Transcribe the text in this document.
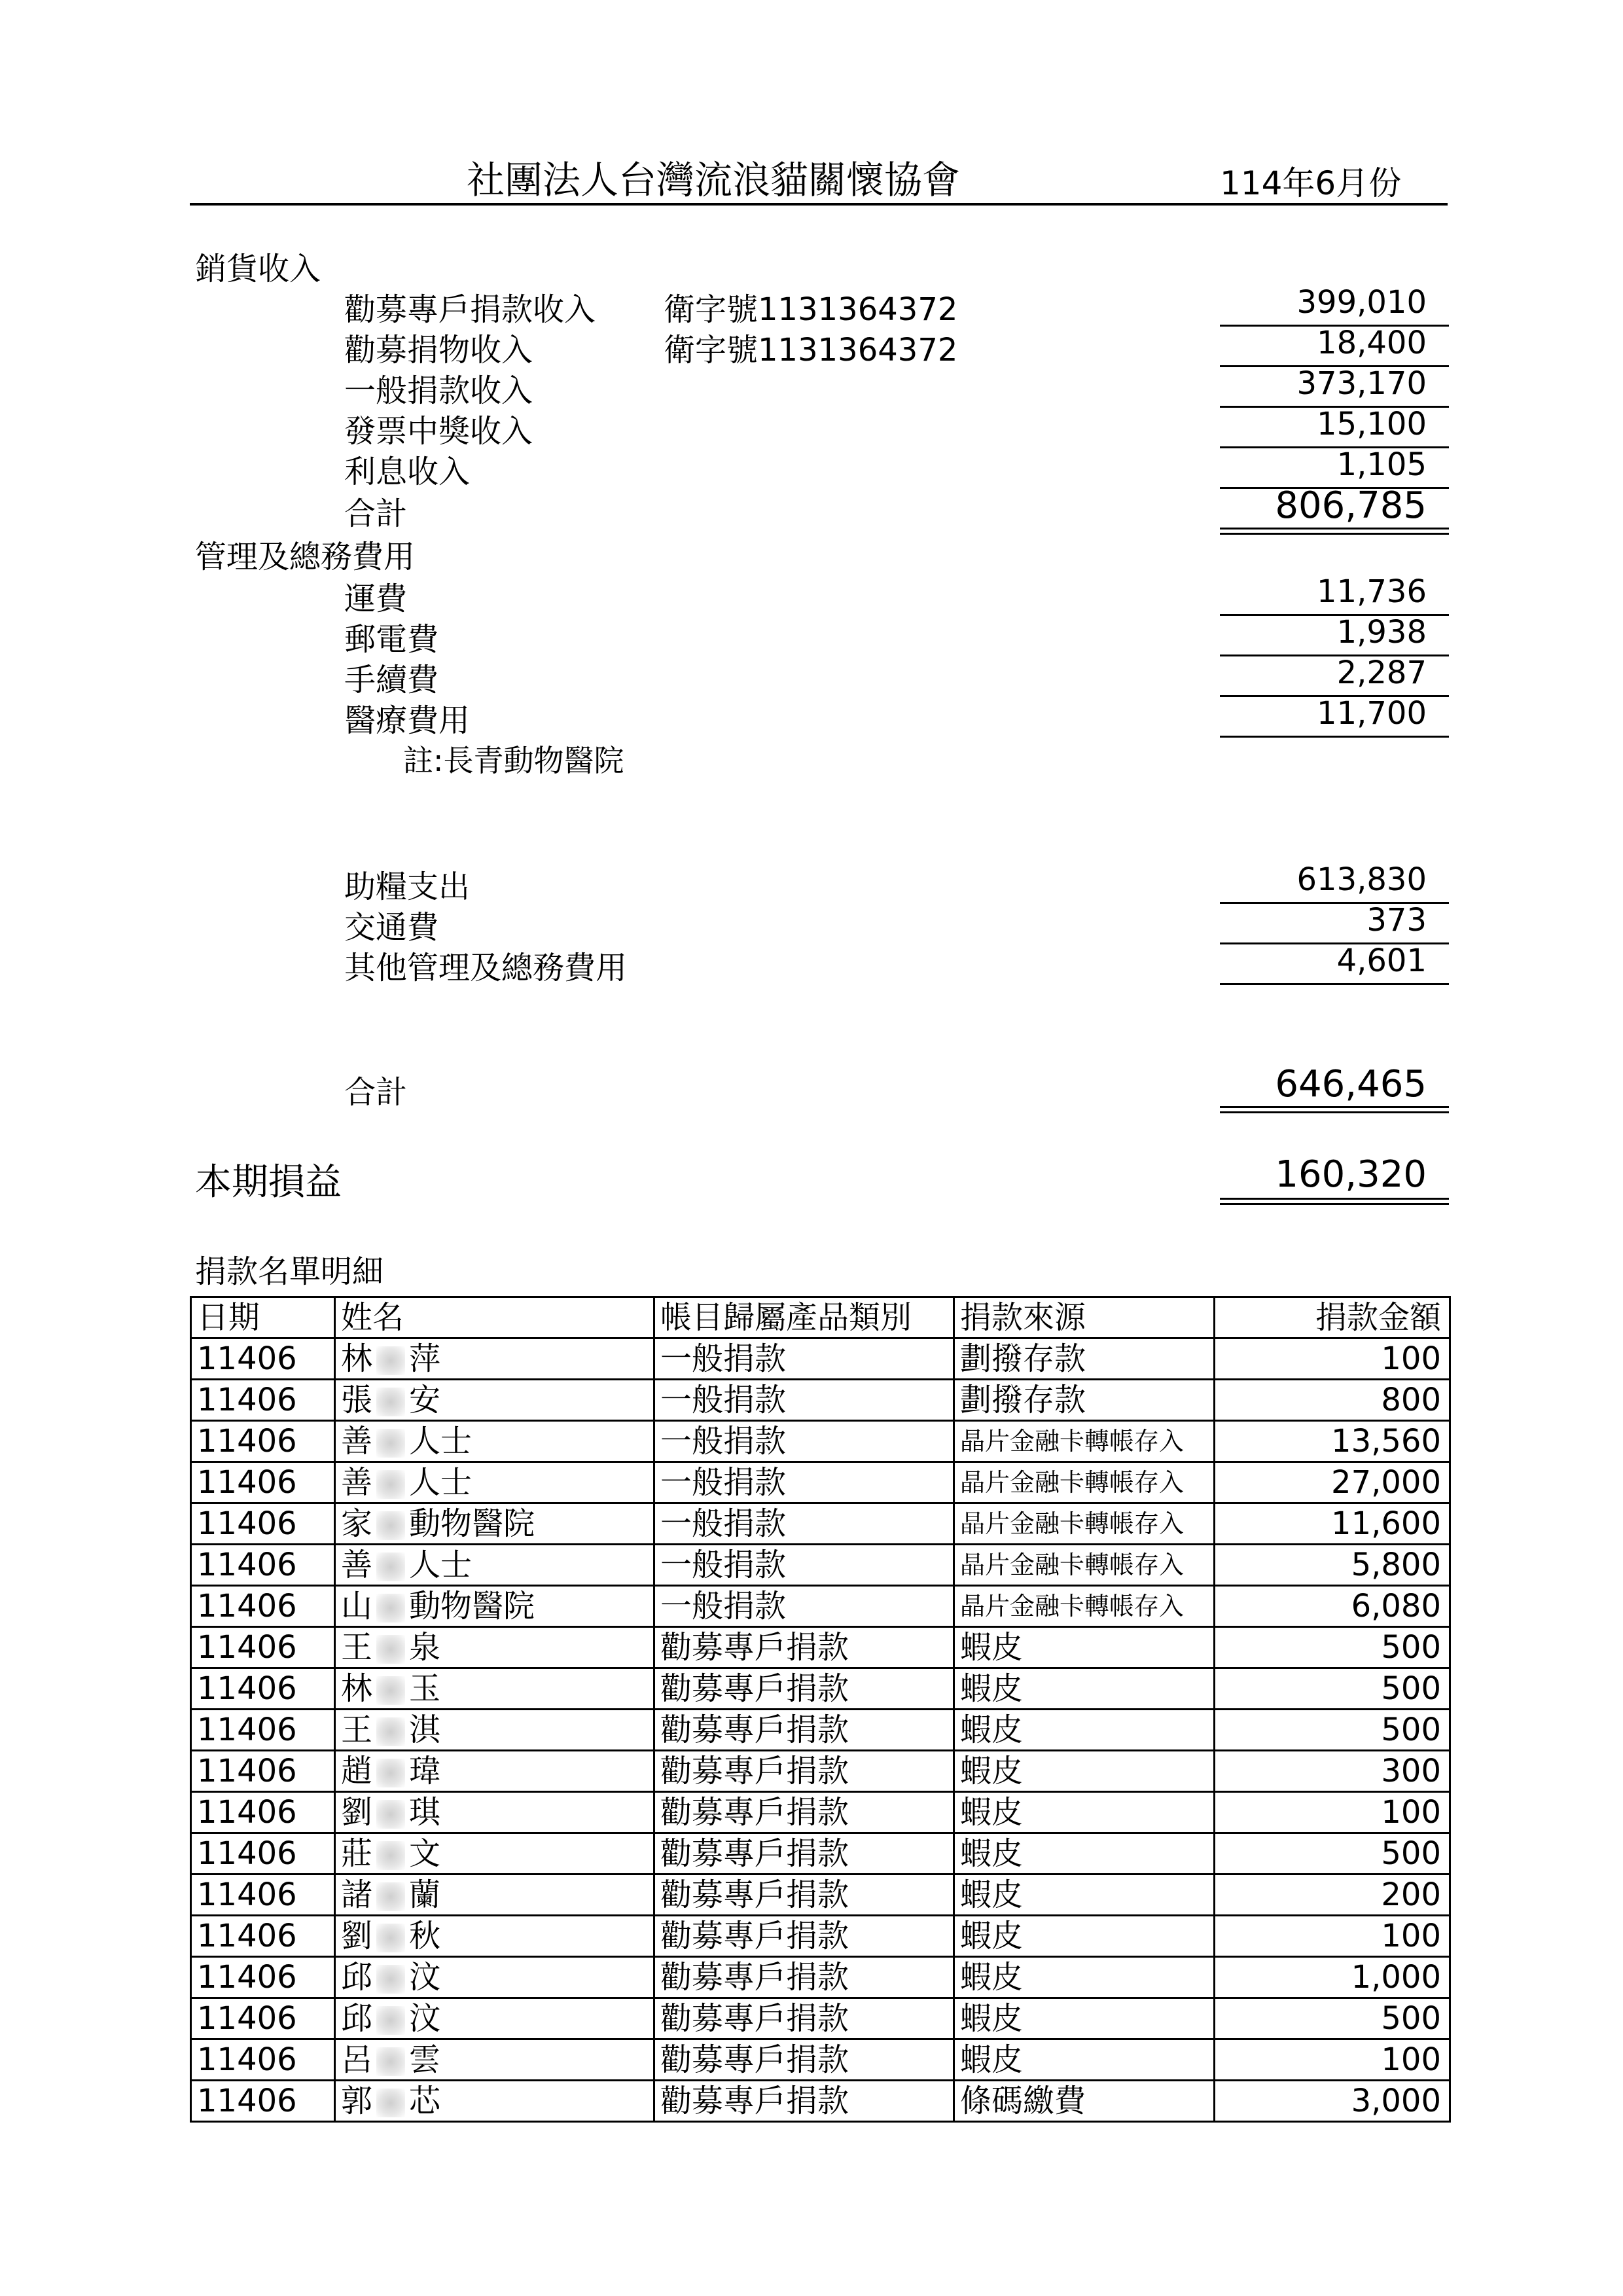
社團法人台灣流浪貓關懷協會	114年6月份
銷貨收入
勸募專戶捐款收入 衛字號1131364372	399,010
勸募捐物收入	衛字號1131364372	18,400
一般捐款收入	373,170
發票中獎收入	15,100
利息收入	1,105
合計	806,785
管理及總務費用
運費	11,736
郵電費	1,938
手續費	2,287
醫療費用	11,700
註:長青動物醫院
助糧支出	613,830
交通費	373
其他管理及總務費用	4,601
合計	646,465
本期損益	160,320
捐款名單明細
日期	姓名	帳目歸屬產品類別	捐款來源	捐款金額
11406	林 萍	一般捐款	劃撥存款	100
11406	張 安	一般捐款	劃撥存款	800
11406	善 人士	一般捐款	晶片金融卡轉帳存入	13,560
11406	善 人士	一般捐款	晶片金融卡轉帳存入	27,000
11406	家 動物醫院	一般捐款	晶片金融卡轉帳存入	11,600
11406	善 人士	一般捐款	晶片金融卡轉帳存入	5,800
11406	山 動物醫院	一般捐款	晶片金融卡轉帳存入	6,080
11406	王 泉	勸募專戶捐款	蝦皮	500
11406	林 玉	勸募專戶捐款	蝦皮	500
11406	王 淇	勸募專戶捐款	蝦皮	500
11406	趙 瑋	勸募專戶捐款	蝦皮	300
11406	劉 琪	勸募專戶捐款	蝦皮	100
11406	莊 文	勸募專戶捐款	蝦皮	500
11406	諸 蘭	勸募專戶捐款	蝦皮	200
11406	劉 秋	勸募專戶捐款	蝦皮	100
11406	邱 汶	勸募專戶捐款	蝦皮	1,000
11406	邱 汶	勸募專戶捐款	蝦皮	500
11406	呂 雲	勸募專戶捐款	蝦皮	100
11406	郭 芯	勸募專戶捐款	條碼繳費	3,000
